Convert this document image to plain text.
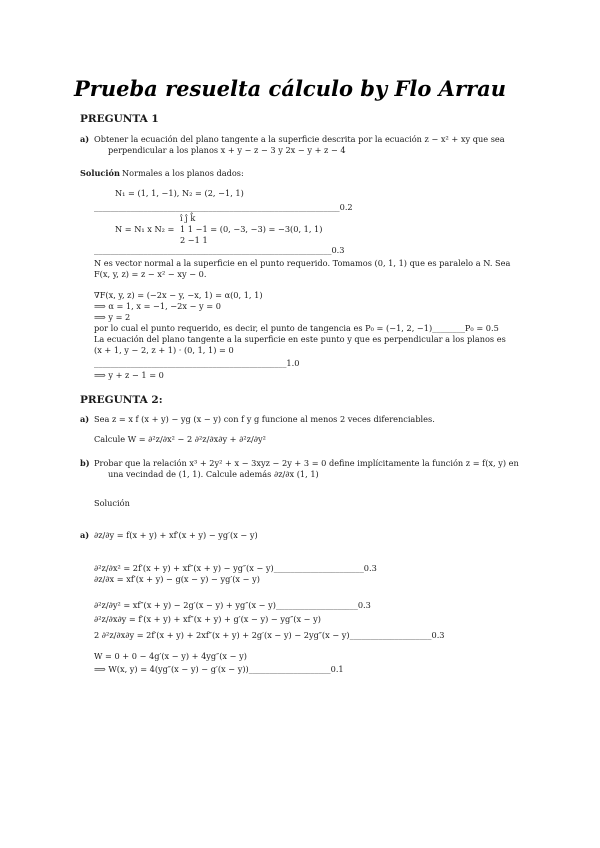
Prueba resuelta cálculo by Flo Arrau
PREGUNTA 1
a) Obtener la ecuación del plano tangente a la superficie descrita por la ecuación z − x² + xy que sea
perpendicular a los planos x + y − z − 3 y 2x − y + z − 4
Solución Normales a los planos dados:
N₁ = (1, 1, −1), N₂ = (2, −1, 1)
____________________________________________________________0.2
î ĵ k̂
N = N₁ x N₂ = 1 1 −1 = (0, −3, −3) = −3(0, 1, 1)
2 −1 1
__________________________________________________________0.3
N es vector normal a la superficie en el punto requerido. Tomamos (0, 1, 1) que es paralelo a N. Sea
F(x, y, z) = z − x² − xy − 0.
∇F(x, y, z) = (−2x − y, −x, 1) = α(0, 1, 1)
⟹ α = 1, x = −1, −2x − y = 0
⟹ y = 2
por lo cual el punto requerido, es decir, el punto de tangencia es P₀ = (−1, 2, −1)________P₀ = 0.5
La ecuación del plano tangente a la superficie en este punto y que es perpendicular a los planos es
(x + 1, y − 2, z + 1) · (0, 1, 1) = 0
_______________________________________________1.0
⟹ y + z − 1 = 0
PREGUNTA 2:
a) Sea z = x f (x + y) − yg (x − y) con f y g funcione al menos 2 veces diferenciables.
Calcule W = ∂²z/∂x² − 2 ∂²z/∂x∂y + ∂²z/∂y²
b) Probar que la relación x³ + 2y² + x − 3xyz − 2y + 3 = 0 define implícitamente la función z = f(x, y) en
una vecindad de (1, 1). Calcule además ∂z/∂x (1, 1)
Solución
a) ∂z/∂y = f(x + y) + xf′(x + y) − yg′(x − y)
∂²z/∂x² = 2f′(x + y) + xf″(x + y) − yg″(x − y)______________________0.3
∂z/∂x = xf′(x + y) − g(x − y) − yg′(x − y)
∂²z/∂y² = xf″(x + y) − 2g′(x − y) + yg″(x − y)____________________0.3
∂²z/∂x∂y = f′(x + y) + xf″(x + y) + g′(x − y) − yg″(x − y)
2 ∂²z/∂x∂y = 2f′(x + y) + 2xf″(x + y) + 2g′(x − y) − 2yg″(x − y)____________________0.3
W = 0 + 0 − 4g′(x − y) + 4yg″(x − y)
⟹ W(x, y) = 4(yg″(x − y) − g′(x − y))____________________0.1
